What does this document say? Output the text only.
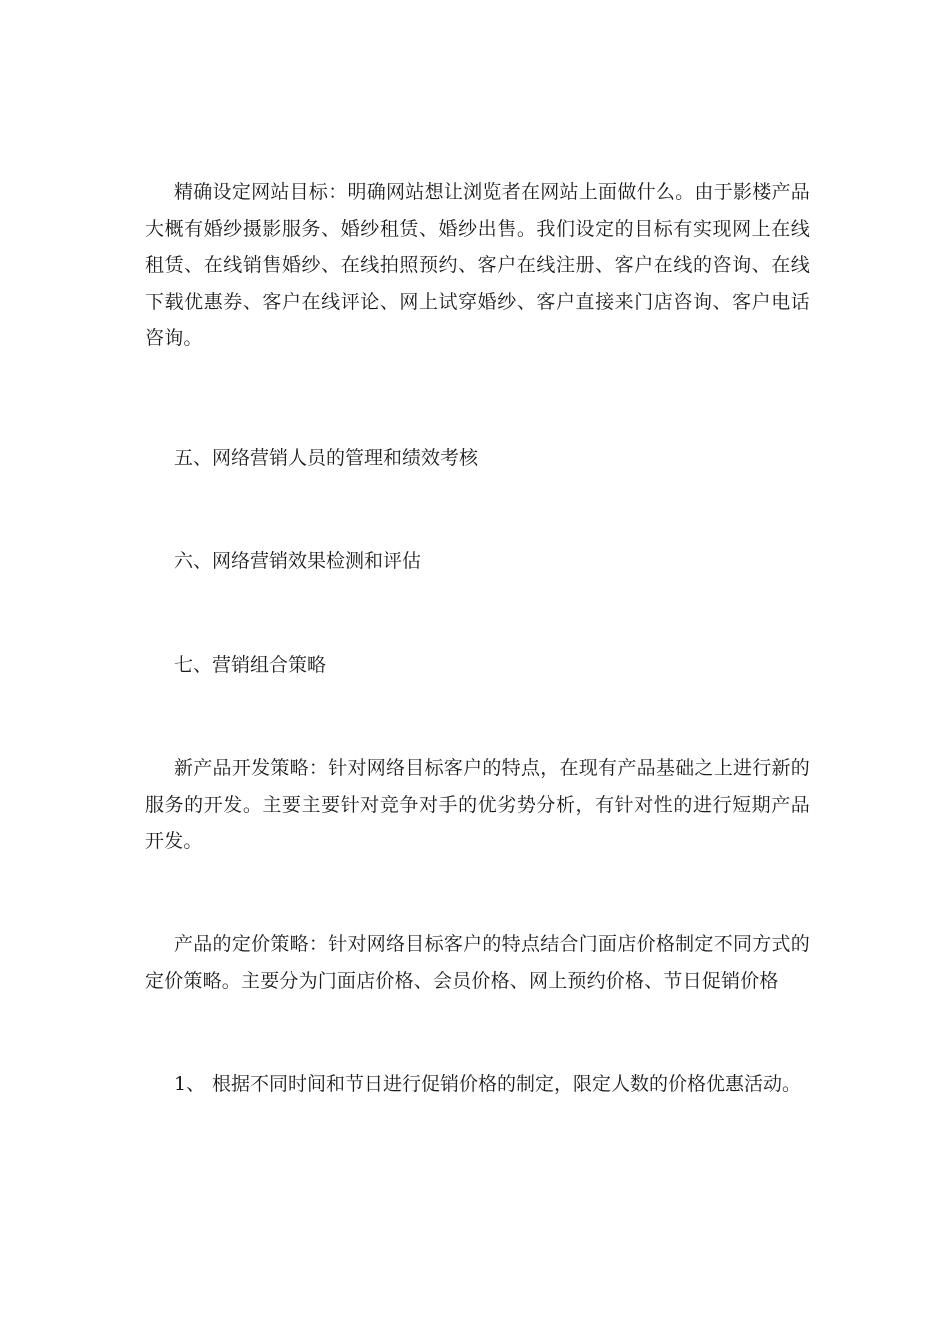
精确设定网站目标：明确网站想让浏览者在网站上面做什么。由于影楼产品大概有婚纱摄影服务、婚纱租赁、婚纱出售。我们设定的目标有实现网上在线租赁、在线销售婚纱、在线拍照预约、客户在线注册、客户在线的咨询、在线下载优惠券、客户在线评论、网上试穿婚纱、客户直接来门店咨询、客户电话咨询。

五、网络营销人员的管理和绩效考核

六、网络营销效果检测和评估

七、营销组合策略

新产品开发策略：针对网络目标客户的特点，在现有产品基础之上进行新的服务的开发。主要主要针对竞争对手的优劣势分析，有针对性的进行短期产品开发。

产品的定价策略：针对网络目标客户的特点结合门面店价格制定不同方式的定价策略。主要分为门面店价格、会员价格、网上预约价格、节日促销价格

1、 根据不同时间和节日进行促销价格的制定，限定人数的价格优惠活动。
